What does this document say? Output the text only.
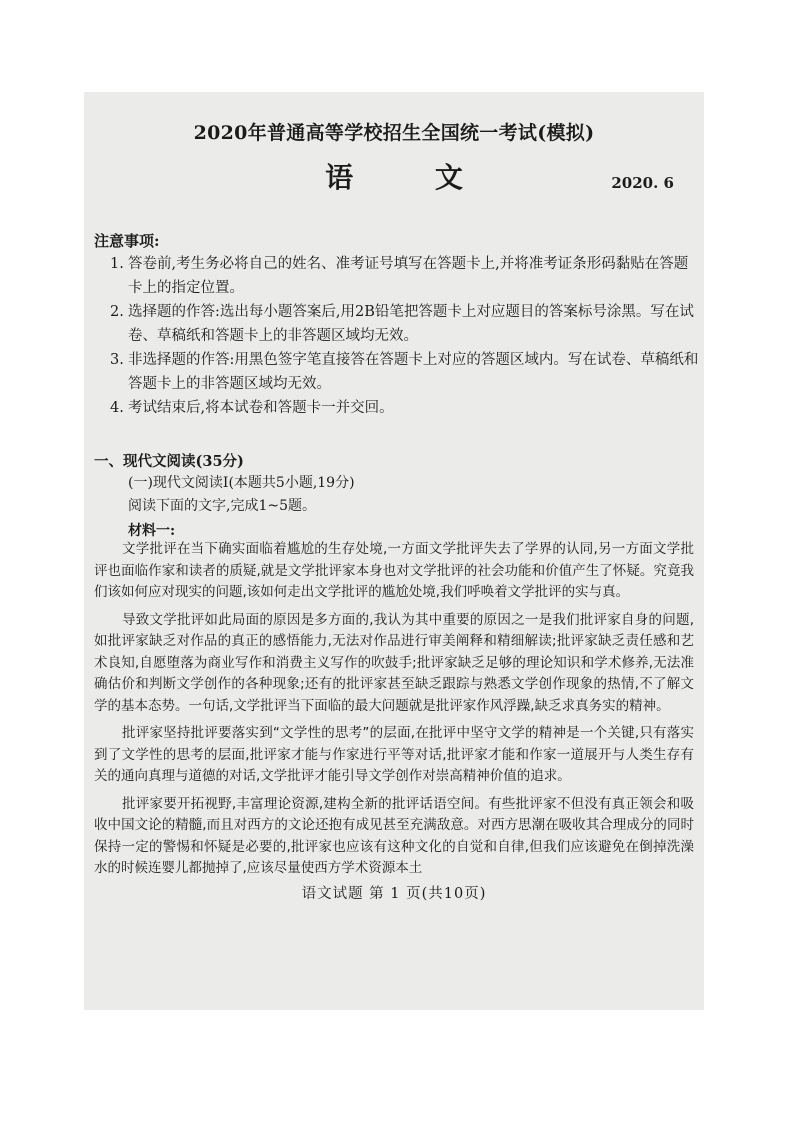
2020年普通高等学校招生全国统一考试(模拟)
语 文	2020. 6
注意事项:
1. 答卷前,考生务必将自己的姓名、准考证号填写在答题卡上,并将准考证条形码黏贴在答题卡上的指定位置。
2. 选择题的作答:选出每小题答案后,用2B铅笔把答题卡上对应题目的答案标号涂黑。写在试卷、草稿纸和答题卡上的非答题区域均无效。
3. 非选择题的作答:用黑色签字笔直接答在答题卡上对应的答题区域内。写在试卷、草稿纸和答题卡上的非答题区域均无效。
4. 考试结束后,将本试卷和答题卡一并交回。
一、现代文阅读(35分)
(一)现代文阅读Ⅰ(本题共5小题,19分)
阅读下面的文字,完成1~5题。
材料一:

文学批评在当下确实面临着尴尬的生存处境,一方面文学批评失去了学界的认同,另一方面文学批评也面临作家和读者的质疑,就是文学批评家本身也对文学批评的社会功能和价值产生了怀疑。究竟我们该如何应对现实的问题,该如何走出文学批评的尴尬处境,我们呼唤着文学批评的实与真。

导致文学批评如此局面的原因是多方面的,我认为其中重要的原因之一是我们批评家自身的问题,如批评家缺乏对作品的真正的感悟能力,无法对作品进行审美阐释和精细解读;批评家缺乏责任感和艺术良知,自愿堕落为商业写作和消费主义写作的吹鼓手;批评家缺乏足够的理论知识和学术修养,无法准确估价和判断文学创作的各种现象;还有的批评家甚至缺乏跟踪与熟悉文学创作现象的热情,不了解文学的基本态势。一句话,文学批评当下面临的最大问题就是批评家作风浮躁,缺乏求真务实的精神。

批评家坚持批评要落实到“文学性的思考”的层面,在批评中坚守文学的精神是一个关键,只有落实到了文学性的思考的层面,批评家才能与作家进行平等对话,批评家才能和作家一道展开与人类生存有关的通向真理与道德的对话,文学批评才能引导文学创作对崇高精神价值的追求。

批评家要开拓视野,丰富理论资源,建构全新的批评话语空间。有些批评家不但没有真正领会和吸收中国文论的精髓,而且对西方的文论还抱有成见甚至充满敌意。对西方思潮在吸收其合理成分的同时保持一定的警惕和怀疑是必要的,批评家也应该有这种文化的自觉和自律,但我们应该避免在倒掉洗澡水的时候连婴儿都抛掉了,应该尽量使西方学术资源本土

语文试题 第 1 页(共10页)
